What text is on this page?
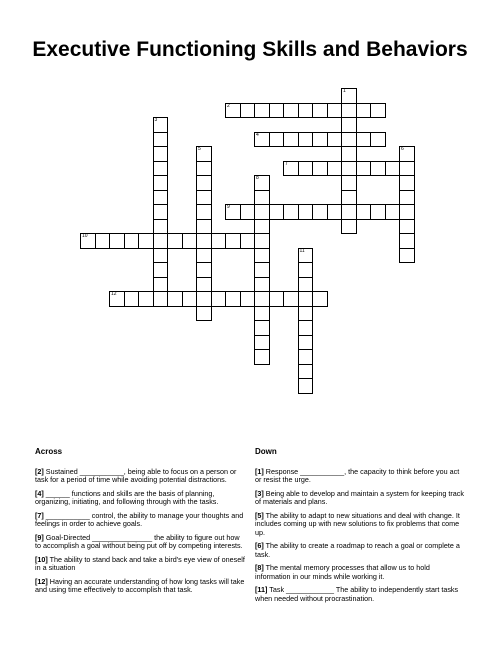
Executive Functioning Skills and Behaviors
1
2
3
4
5	6
7
8
9
10
11
12
Across
[2] Sustained ___________, being able to focus on a person or task for a period of time while avoiding potential distractions.
[4] ______ functions and skills are the basis of planning, organizing, initiating, and following through with the tasks.
[7] ___________ control, the ability to manage your thoughts and feelings in order to achieve goals.
[9] Goal-Directed _______________ the ability to figure out how to accomplish a goal without being put off by competing interests.
[10] The ability to stand back and take a bird's eye view of oneself in a situation
[12] Having an accurate understanding of how long tasks will take and using time effectively to accomplish that task.
Down
[1] Response ___________, the capacity to think before you act or resist the urge.
[3] Being able to develop and maintain a system for keeping track of materials and plans.
[5] The ability to adapt to new situations and deal with change. It includes coming up with new solutions to fix problems that come up.
[6] The ability to create a roadmap to reach a goal or complete a task.
[8] The mental memory processes that allow us to hold information in our minds while working it.
[11] Task ____________ The ability to independently start tasks when needed without procrastination.
